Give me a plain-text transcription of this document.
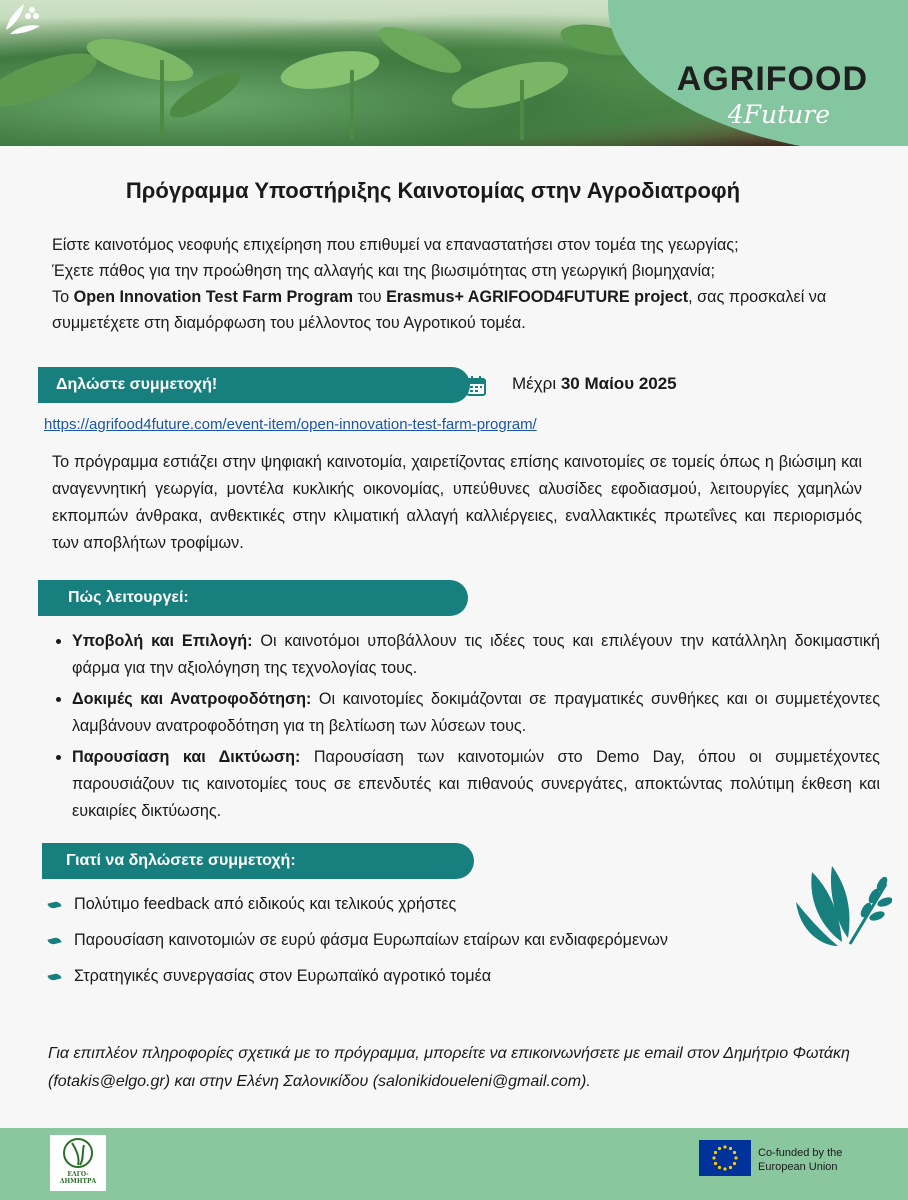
AGRIFOOD
4Future
Πρόγραμμα Υποστήριξης Καινοτομίας στην Αγροδιατροφή

Είστε καινοτόμος νεοφυής επιχείρηση που επιθυμεί να επαναστατήσει στον τομέα της γεωργίας;

Έχετε πάθος για την προώθηση της αλλαγής και της βιωσιμότητας στη γεωργική βιομηχανία;

Το Open Innovation Test Farm Program του Erasmus+ AGRIFOOD4FUTURE project, σας προσκαλεί να συμμετέχετε στη διαμόρφωση του μέλλοντος του Αγροτικού τομέα.

Δηλώστε συμμετοχή!	Μέχρι 30 Μαίου 2025
https://agrifood4future.com/event-item/open-innovation-test-farm-program/

Το πρόγραμμα εστιάζει στην ψηφιακή καινοτομία, χαιρετίζοντας επίσης καινοτομίες σε τομείς όπως η βιώσιμη και αναγεννητική γεωργία, μοντέλα κυκλικής οικονομίας, υπεύθυνες αλυσίδες εφοδιασμού, λειτουργίες χαμηλών εκπομπών άνθρακα, ανθεκτικές στην κλιματική αλλαγή καλλιέργειες, εναλλακτικές πρωτεΐνες και περιορισμός των αποβλήτων τροφίμων.

Πώς λειτουργεί:
• Υποβολή και Επιλογή: Οι καινοτόμοι υποβάλλουν τις ιδέες τους και επιλέγουν την κατάλληλη δοκιμαστική φάρμα για την αξιολόγηση της τεχνολογίας τους.
• Δοκιμές και Ανατροφοδότηση: Οι καινοτομίες δοκιμάζονται σε πραγματικές συνθήκες και οι συμμετέχοντες λαμβάνουν ανατροφοδότηση για τη βελτίωση των λύσεων τους.
• Παρουσίαση και Δικτύωση: Παρουσίαση των καινοτομιών στο Demo Day, όπου οι συμμετέχοντες παρουσιάζουν τις καινοτομίες τους σε επενδυτές και πιθανούς συνεργάτες, αποκτώντας πολύτιμη έκθεση και ευκαιρίες δικτύωσης.
Γιατί να δηλώσετε συμμετοχή:
Πολύτιμο feedback από ειδικούς και τελικούς χρήστες
Παρουσίαση καινοτομιών σε ευρύ φάσμα Ευρωπαίων εταίρων και ενδιαφερόμενων
Στρατηγικές συνεργασίας στον Ευρωπαϊκό αγροτικό τομέα

Για επιπλέον πληροφορίες σχετικά με το πρόγραμμα, μπορείτε να επικοινωνήσετε με email στον Δημήτριο Φωτάκη (fotakis@elgo.gr) και στην Ελένη Σαλονικίδου (salonikidoueleni@gmail.com).

ΕΛΓΟ-ΔΗΜΗΤΡΑ
Co-funded by the
European Union
